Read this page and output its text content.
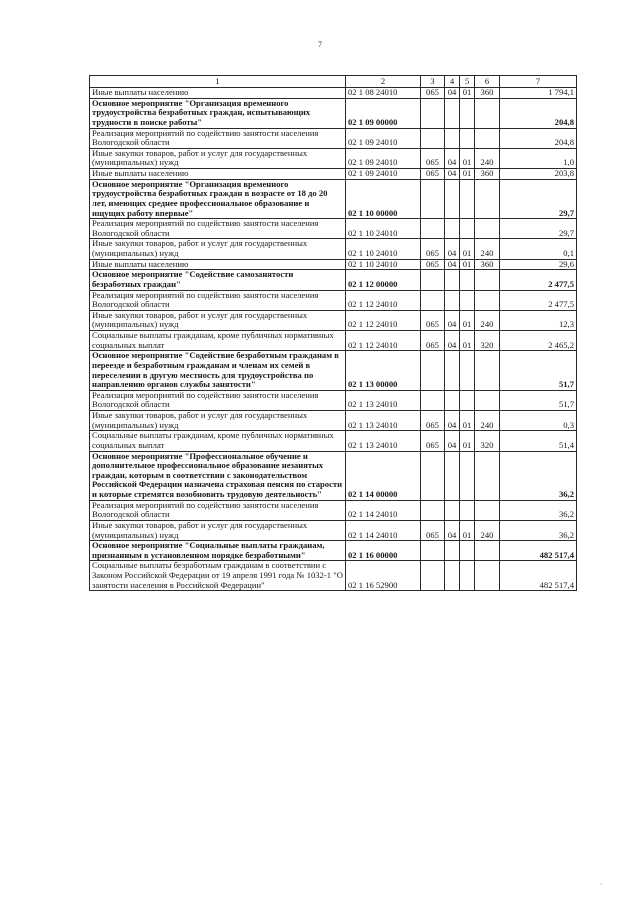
7
1	2	3	4	5	6	7
Иные выплаты населению	02 1 08 24010	065	04	01	360	1 794,1
Основное мероприятие "Организация временного трудоустройства безработных граждан, испытывающих трудности в поиске работы"	02 1 09 00000					204,8
Реализация мероприятий по содействию занятости населения Вологодской области	02 1 09 24010					204,8
Иные закупки товаров, работ и услуг для государственных (муниципальных) нужд	02 1 09 24010	065	04	01	240	1,0
Иные выплаты населению	02 1 09 24010	065	04	01	360	203,8
Основное мероприятие "Организация временного трудоустройства безработных граждан в возрасте от 18 до 20 лет, имеющих среднее профессиональное образование и ищущих работу впервые"	02 1 10 00000					29,7
Реализация мероприятий по содействию занятости населения Вологодской области	02 1 10 24010					29,7
Иные закупки товаров, работ и услуг для государственных (муниципальных) нужд	02 1 10 24010	065	04	01	240	0,1
Иные выплаты населению	02 1 10 24010	065	04	01	360	29,6
Основное мероприятие "Содействие самозанятости безработных граждан"	02 1 12 00000					2 477,5
Реализация мероприятий по содействию занятости населения Вологодской области	02 1 12 24010					2 477,5
Иные закупки товаров, работ и услуг для государственных (муниципальных) нужд	02 1 12 24010	065	04	01	240	12,3
Социальные выплаты гражданам, кроме публичных нормативных социальных выплат	02 1 12 24010	065	04	01	320	2 465,2
Основное мероприятие "Содействие безработным гражданам в переезде и безработным гражданам и членам их семей в переселении в другую местность для трудоустройства по направлению органов службы занятости"	02 1 13 00000					51,7
Реализация мероприятий по содействию занятости населения Вологодской области	02 1 13 24010					51,7
Иные закупки товаров, работ и услуг для государственных (муниципальных) нужд	02 1 13 24010	065	04	01	240	0,3
Социальные выплаты гражданам, кроме публичных нормативных социальных выплат	02 1 13 24010	065	04	01	320	51,4
Основное мероприятие "Профессиональное обучение и дополнительное профессиональное образование незанятых граждан, которым в соответствии с законодательством Российской Федерации назначена страховая пенсия по старости и которые стремятся возобновить трудовую деятельность"	02 1 14 00000					36,2
Реализация мероприятий по содействию занятости населения Вологодской области	02 1 14 24010					36,2
Иные закупки товаров, работ и услуг для государственных (муниципальных) нужд	02 1 14 24010	065	04	01	240	36,2
Основное мероприятие "Социальные выплаты гражданам, признанным в установленном порядке безработными"	02 1 16 00000					482 517,4
Социальные выплаты безработным гражданам в соответствии с Законом Российской Федерации от 19 апреля 1991 года № 1032-1 "О занятости населения в Российской Федерации"	02 1 16 52900					482 517,4
·
